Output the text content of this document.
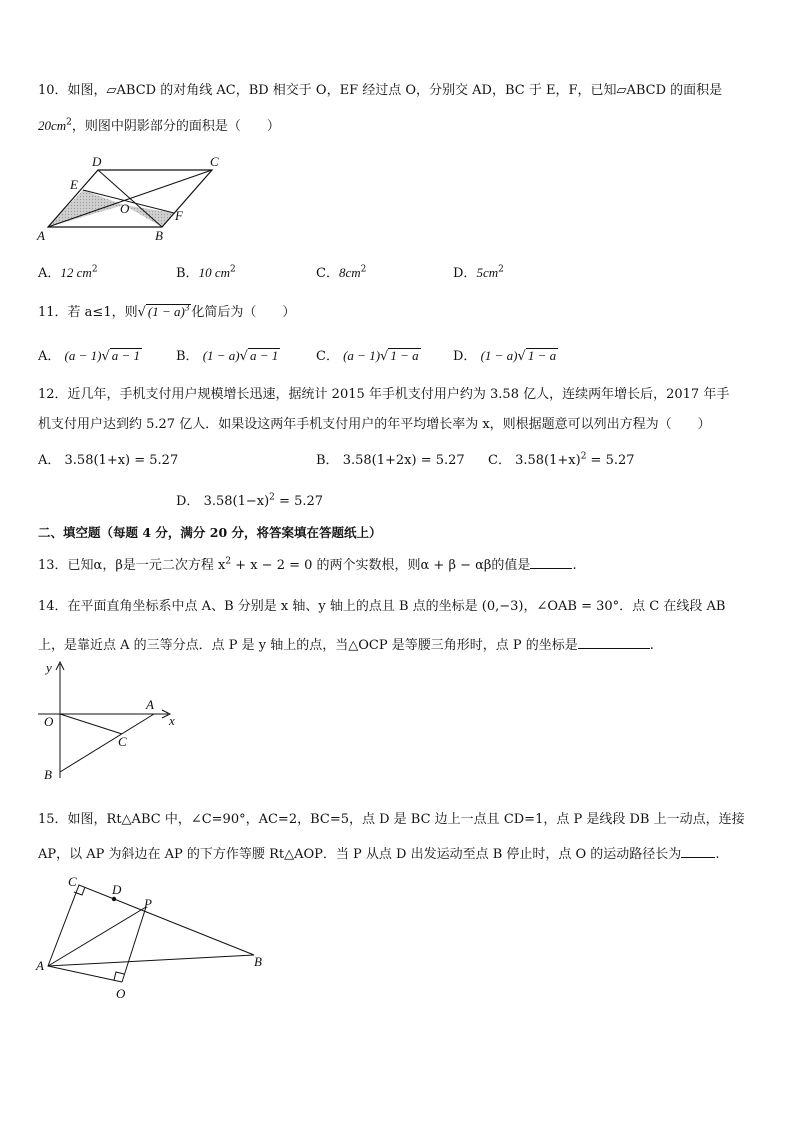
10．如图，▱ABCD 的对角线 AC，BD 相交于 O，EF 经过点 O，分别交 AD，BC 于 E，F，已知▱ABCD 的面积是
$20cm^2$，则图中阴影部分的面积是（　　）
D	C
E
O	F
A	B
A．12 $cm^2$	B．10 $cm^2$	C．$8cm^2$	D．$5cm^2$
11．若 a≤1，则√ $(1 - a)^3$ 化简后为（　　）
A． (a − 1)√ a − 1	B． (1 − a)√ a − 1	C． (a − 1)√ 1 − a	D． (1 − a)√ 1 − a
12．近几年，手机支付用户规模增长迅速，据统计 2015 年手机支付用户约为 3.58 亿人，连续两年增长后，2017 年手
机支付用户达到约 5.27 亿人．如果设这两年手机支付用户的年平均增长率为 x，则根据题意可以列出方程为（　　）
A． 3.58(1+x) = 5.27	B． 3.58(1+2x) = 5.27 C． $3.58(1+x)^2 = 5.27$
D． $3.58(1-x)^2 = 5.27$
二、填空题（每题 4 分，满分 20 分，将答案填在答题纸上）
13．已知α，β是一元二次方程 $x^2 + x - 2 = 0$ 的两个实数根，则α + β − αβ的值是	.
14．在平面直角坐标系中点 A、B 分别是 x 轴、y 轴上的点且 B 点的坐标是 (0,−3)，∠OAB = 30°．点 C 在线段 AB
上，是靠近点 A 的三等分点．点 P 是 y 轴上的点，当△OCP 是等腰三角形时，点 P 的坐标是	.
y
O
A
x
C
B
15．如图，Rt△ABC 中，∠C=90°，AC=2，BC=5，点 D 是 BC 边上一点且 CD=1，点 P 是线段 DB 上一动点，连接
AP，以 AP 为斜边在 AP 的下方作等腰 Rt△AOP．当 P 从点 D 出发运动至点 B 停止时，点 O 的运动路径长为	.
C
D
P
A	B
O
